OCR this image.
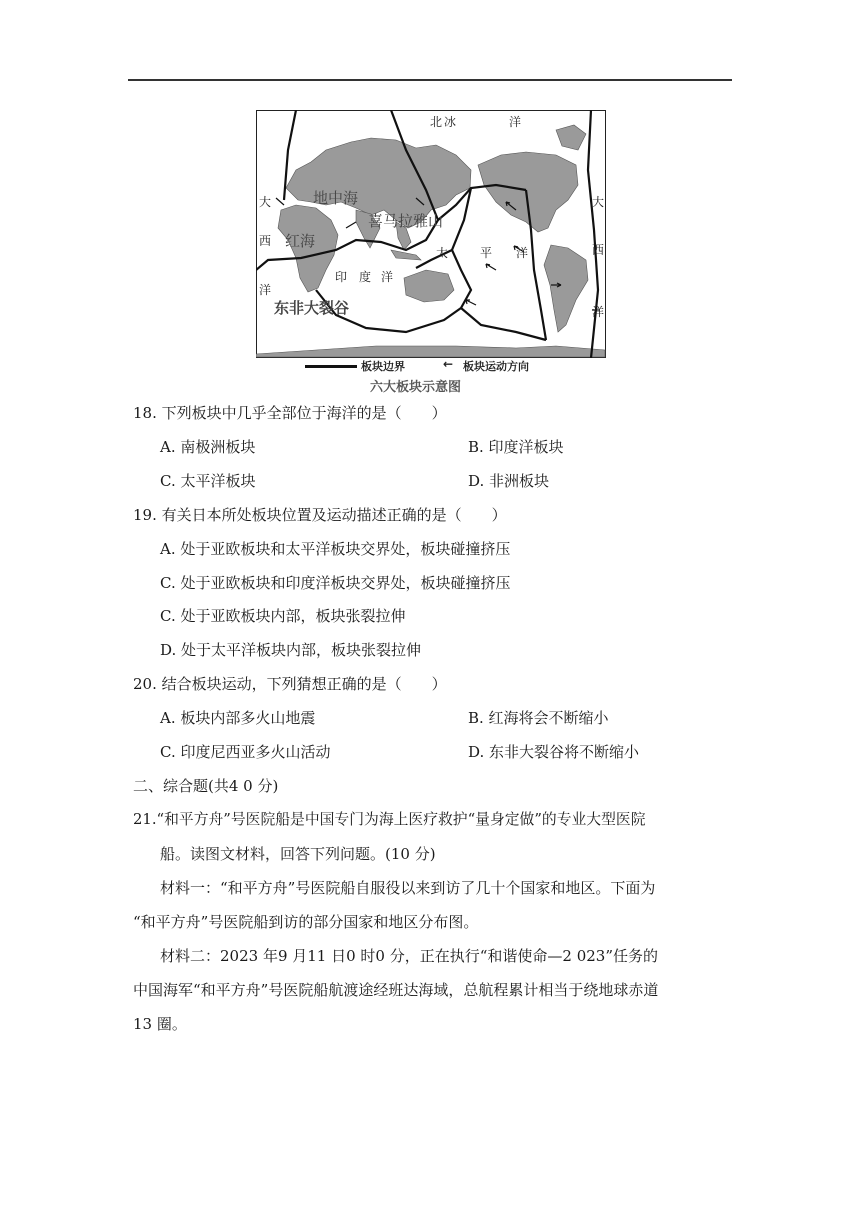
北 冰	洋
大
西
洋
地中海
喜马拉雅山
红海
太	平 洋
印 度 洋
东非大裂谷
大
西
洋
板块边界	← 板块运动方向
六大板块示意图
18. 下列板块中几乎全部位于海洋的是（　　）
A. 南极洲板块	B. 印度洋板块
C. 太平洋板块	D. 非洲板块
19. 有关日本所处板块位置及运动描述正确的是（　　）
A. 处于亚欧板块和太平洋板块交界处，板块碰撞挤压
C. 处于亚欧板块和印度洋板块交界处，板块碰撞挤压
C. 处于亚欧板块内部，板块张裂拉伸
D. 处于太平洋板块内部，板块张裂拉伸
20. 结合板块运动，下列猜想正确的是（　　）
A. 板块内部多火山地震	B. 红海将会不断缩小
C. 印度尼西亚多火山活动	D. 东非大裂谷将不断缩小
二、综合题(共4 0 分)
21.“和平方舟”号医院船是中国专门为海上医疗救护“量身定做”的专业大型医院
船。读图文材料，回答下列问题。(10 分)
材料一：“和平方舟”号医院船自服役以来到访了几十个国家和地区。下面为
“和平方舟”号医院船到访的部分国家和地区分布图。
材料二：2023 年9 月11 日0 时0 分，正在执行“和谐使命—2 023”任务的
中国海军“和平方舟”号医院船航渡途经班达海域，总航程累计相当于绕地球赤道
13 圈。
